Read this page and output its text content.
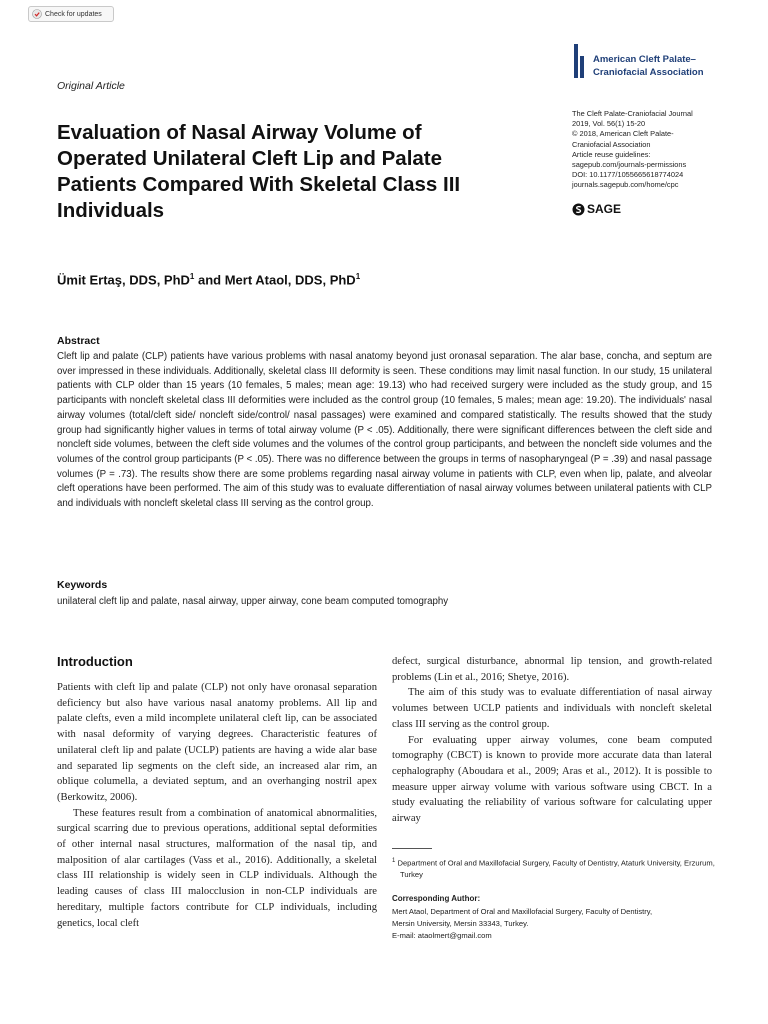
Check for updates
Original Article
Evaluation of Nasal Airway Volume of Operated Unilateral Cleft Lip and Palate Patients Compared With Skeletal Class III Individuals
Ümit Ertaş, DDS, PhD$^1$ and Mert Ataol, DDS, PhD$^1$
American Cleft Palate–
Craniofacial Association
The Cleft Palate-Craniofacial Journal
2019, Vol. 56(1) 15-20
© 2018, American Cleft Palate-
Craniofacial Association
Article reuse guidelines:
sagepub.com/journals-permissions
DOI: 10.1177/1055665618774024
journals.sagepub.com/home/cpc
SAGE
Abstract
Cleft lip and palate (CLP) patients have various problems with nasal anatomy beyond just oronasal separation. The alar base, concha, and septum are over impressed in these individuals. Additionally, skeletal class III deformity is seen. These conditions may limit nasal function. In our study, 15 unilateral patients with CLP older than 15 years (10 females, 5 males; mean age: 19.13) who had received surgery were included as the study group, and 15 participants with noncleft skeletal class III deformities were included as the control group (10 females, 5 males; mean age: 19.20). The individuals' nasal airway volumes (total/cleft side/ noncleft side/control/ nasal passages) were examined and compared statistically. The results showed that the study group had significantly higher values in terms of total airway volume (P < .05). Additionally, there were significant differences between the cleft side and noncleft side volumes, between the cleft side volumes and the volumes of the control group participants, and between the noncleft side volumes and the volumes of the control group participants (P < .05). There was no difference between the groups in terms of nasopharyngeal (P = .39) and nasal passage volumes (P = .73). The results show there are some problems regarding nasal airway volume in patients with CLP, even when lip, palate, and alveolar cleft operations have been performed. The aim of this study was to evaluate differentiation of nasal airway volumes between unilateral patients with CLP and individuals with noncleft skeletal class III serving as the control group.
Keywords
unilateral cleft lip and palate, nasal airway, upper airway, cone beam computed tomography
Introduction

Patients with cleft lip and palate (CLP) not only have oronasal separation deficiency but also have various nasal anatomy problems. All lip and palate clefts, even a mild incomplete unilateral cleft lip, can be associated with nasal deformity of varying degrees. Characteristic features of unilateral cleft lip and palate (UCLP) patients are having a wide alar base and separated lip segments on the cleft side, an increased alar rim, an oblique columella, a deviated septum, and an overhanging nostril apex (Berkowitz, 2006).

These features result from a combination of anatomical abnormalities, surgical scarring due to previous operations, additional septal deformities of other internal nasal structures, malformation of the nasal tip, and malposition of alar cartilages (Vass et al., 2016). Additionally, a skeletal class III relationship is widely seen in CLP individuals. Although the leading causes of class III malocclusion in non-CLP individuals are hereditary, multiple factors contribute for CLP individuals, including genetics, local cleft

defect, surgical disturbance, abnormal lip tension, and growth-related problems (Lin et al., 2016; Shetye, 2016).

The aim of this study was to evaluate differentiation of nasal airway volumes between UCLP patients and individuals with noncleft skeletal class III serving as the control group.

For evaluating upper airway volumes, cone beam computed tomography (CBCT) is known to provide more accurate data than lateral cephalography (Aboudara et al., 2009; Aras et al., 2012). It is possible to measure upper airway volume with various software using CBCT. In a study evaluating the reliability of various software for calculating upper airway

$^1$ Department of Oral and Maxillofacial Surgery, Faculty of Dentistry, Ataturk University, Erzurum, Turkey
Corresponding Author:
Mert Ataol, Department of Oral and Maxillofacial Surgery, Faculty of Dentistry,
Mersin University, Mersin 33343, Turkey.
E-mail: ataolmert@gmail.com
